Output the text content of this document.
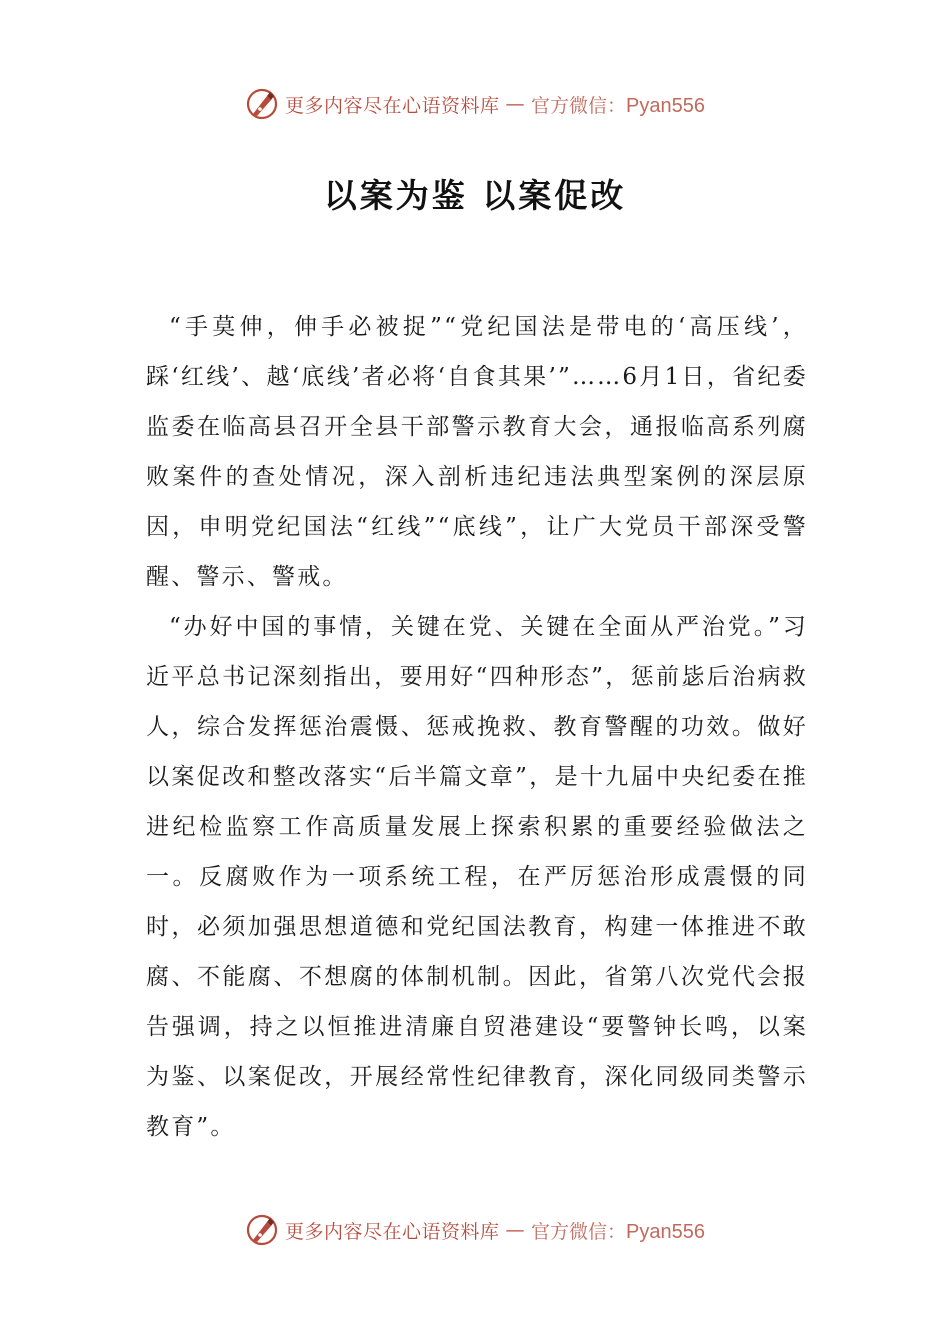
更多内容尽在心语资料库 — 官方微信：Pyan556
以案为鉴 以案促改

“手莫伸，伸手必被捉”“党纪国法是带电的‘高压线’，踩‘红线’、越‘底线’者必将‘自食其果’”……6月1日，省纪委监委在临高县召开全县干部警示教育大会，通报临高系列腐败案件的查处情况，深入剖析违纪违法典型案例的深层原因，申明党纪国法“红线”“底线”，让广大党员干部深受警醒、警示、警戒。

“办好中国的事情，关键在党、关键在全面从严治党。”习近平总书记深刻指出，要用好“四种形态”，惩前毖后治病救人，综合发挥惩治震慑、惩戒挽救、教育警醒的功效。做好以案促改和整改落实“后半篇文章”，是十九届中央纪委在推进纪检监察工作高质量发展上探索积累的重要经验做法之一。反腐败作为一项系统工程，在严厉惩治形成震慑的同时，必须加强思想道德和党纪国法教育，构建一体推进不敢腐、不能腐、不想腐的体制机制。因此，省第八次党代会报告强调，持之以恒推进清廉自贸港建设“要警钟长鸣，以案为鉴、以案促改，开展经常性纪律教育，深化同级同类警示教育”。

更多内容尽在心语资料库 — 官方微信：Pyan556
